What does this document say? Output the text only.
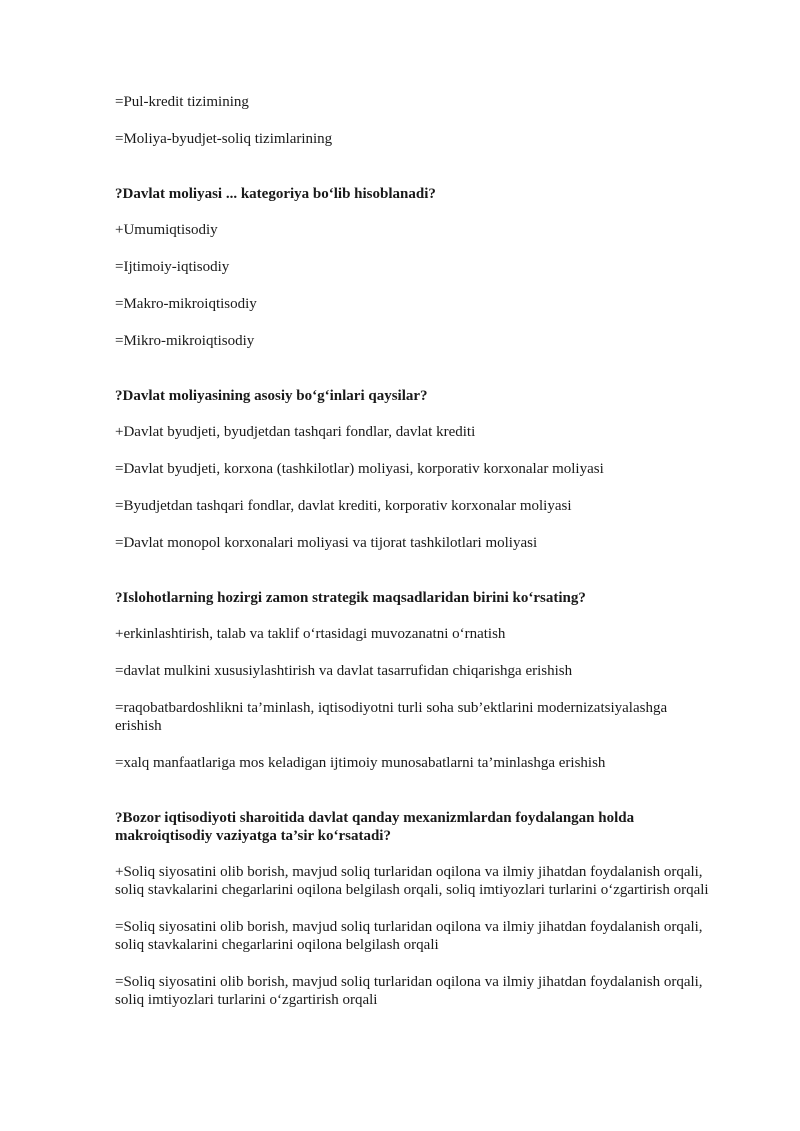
=Pul-kredit tizimining
=Moliya-byudjet-soliq tizimlarining
?Davlat moliyasi ... kategoriya bo‘lib hisoblanadi?
+Umumiqtisodiy
=Ijtimoiy-iqtisodiy
=Makro-mikroiqtisodiy
=Mikro-mikroiqtisodiy
?Davlat moliyasining asosiy bo‘g‘inlari qaysilar?
+Davlat byudjeti, byudjetdan tashqari fondlar, davlat krediti
=Davlat byudjeti, korxona (tashkilotlar) moliyasi, korporativ korxonalar moliyasi
=Byudjetdan tashqari fondlar, davlat krediti, korporativ korxonalar moliyasi
=Davlat monopol korxonalari moliyasi va tijorat tashkilotlari moliyasi
?Islohotlarning hozirgi zamon strategik maqsadlaridan birini ko‘rsating?
+erkinlashtirish, talab va taklif o‘rtasidagi muvozanatni o‘rnatish
=davlat mulkini xususiylashtirish va davlat tasarrufidan chiqarishga erishish
=raqobatbardoshlikni ta’minlash, iqtisodiyotni turli soha sub’ektlarini modernizatsiyalashga erishish
=xalq manfaatlariga mos keladigan ijtimoiy munosabatlarni ta’minlashga erishish
?Bozor iqtisodiyoti sharoitida davlat qanday mexanizmlardan foydalangan holda makroiqtisodiy vaziyatga ta’sir ko‘rsatadi?
+Soliq siyosatini olib borish, mavjud soliq turlaridan oqilona va ilmiy jihatdan foydalanish orqali, soliq stavkalarini chegarlarini oqilona belgilash orqali, soliq imtiyozlari turlarini o‘zgartirish orqali
=Soliq siyosatini olib borish, mavjud soliq turlaridan oqilona va ilmiy jihatdan foydalanish orqali, soliq stavkalarini chegarlarini oqilona belgilash orqali
=Soliq siyosatini olib borish, mavjud soliq turlaridan oqilona va ilmiy jihatdan foydalanish orqali, soliq imtiyozlari turlarini o‘zgartirish orqali
